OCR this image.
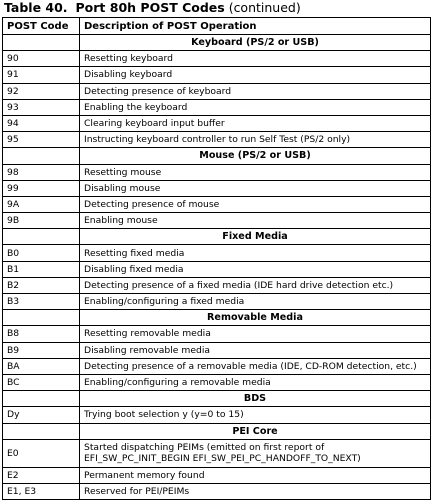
Table 40. Port 80h POST Codes (continued)
POST Code	Description of POST Operation
	Keyboard (PS/2 or USB)
90	Resetting keyboard
91	Disabling keyboard
92	Detecting presence of keyboard
93	Enabling the keyboard
94	Clearing keyboard input buffer
95	Instructing keyboard controller to run Self Test (PS/2 only)
	Mouse (PS/2 or USB)
98	Resetting mouse
99	Disabling mouse
9A	Detecting presence of mouse
9B	Enabling mouse
	Fixed Media
B0	Resetting fixed media
B1	Disabling fixed media
B2	Detecting presence of a fixed media (IDE hard drive detection etc.)
B3	Enabling/configuring a fixed media
	Removable Media
B8	Resetting removable media
B9	Disabling removable media
BA	Detecting presence of a removable media (IDE, CD-ROM detection, etc.)
BC	Enabling/configuring a removable media
	BDS
Dy	Trying boot selection y (y=0 to 15)
	PEI Core
E0	Started dispatching PEIMs (emitted on first report of EFI_SW_PC_INIT_BEGIN EFI_SW_PEI_PC_HANDOFF_TO_NEXT)
E2	Permanent memory found
E1, E3	Reserved for PEI/PEIMs
